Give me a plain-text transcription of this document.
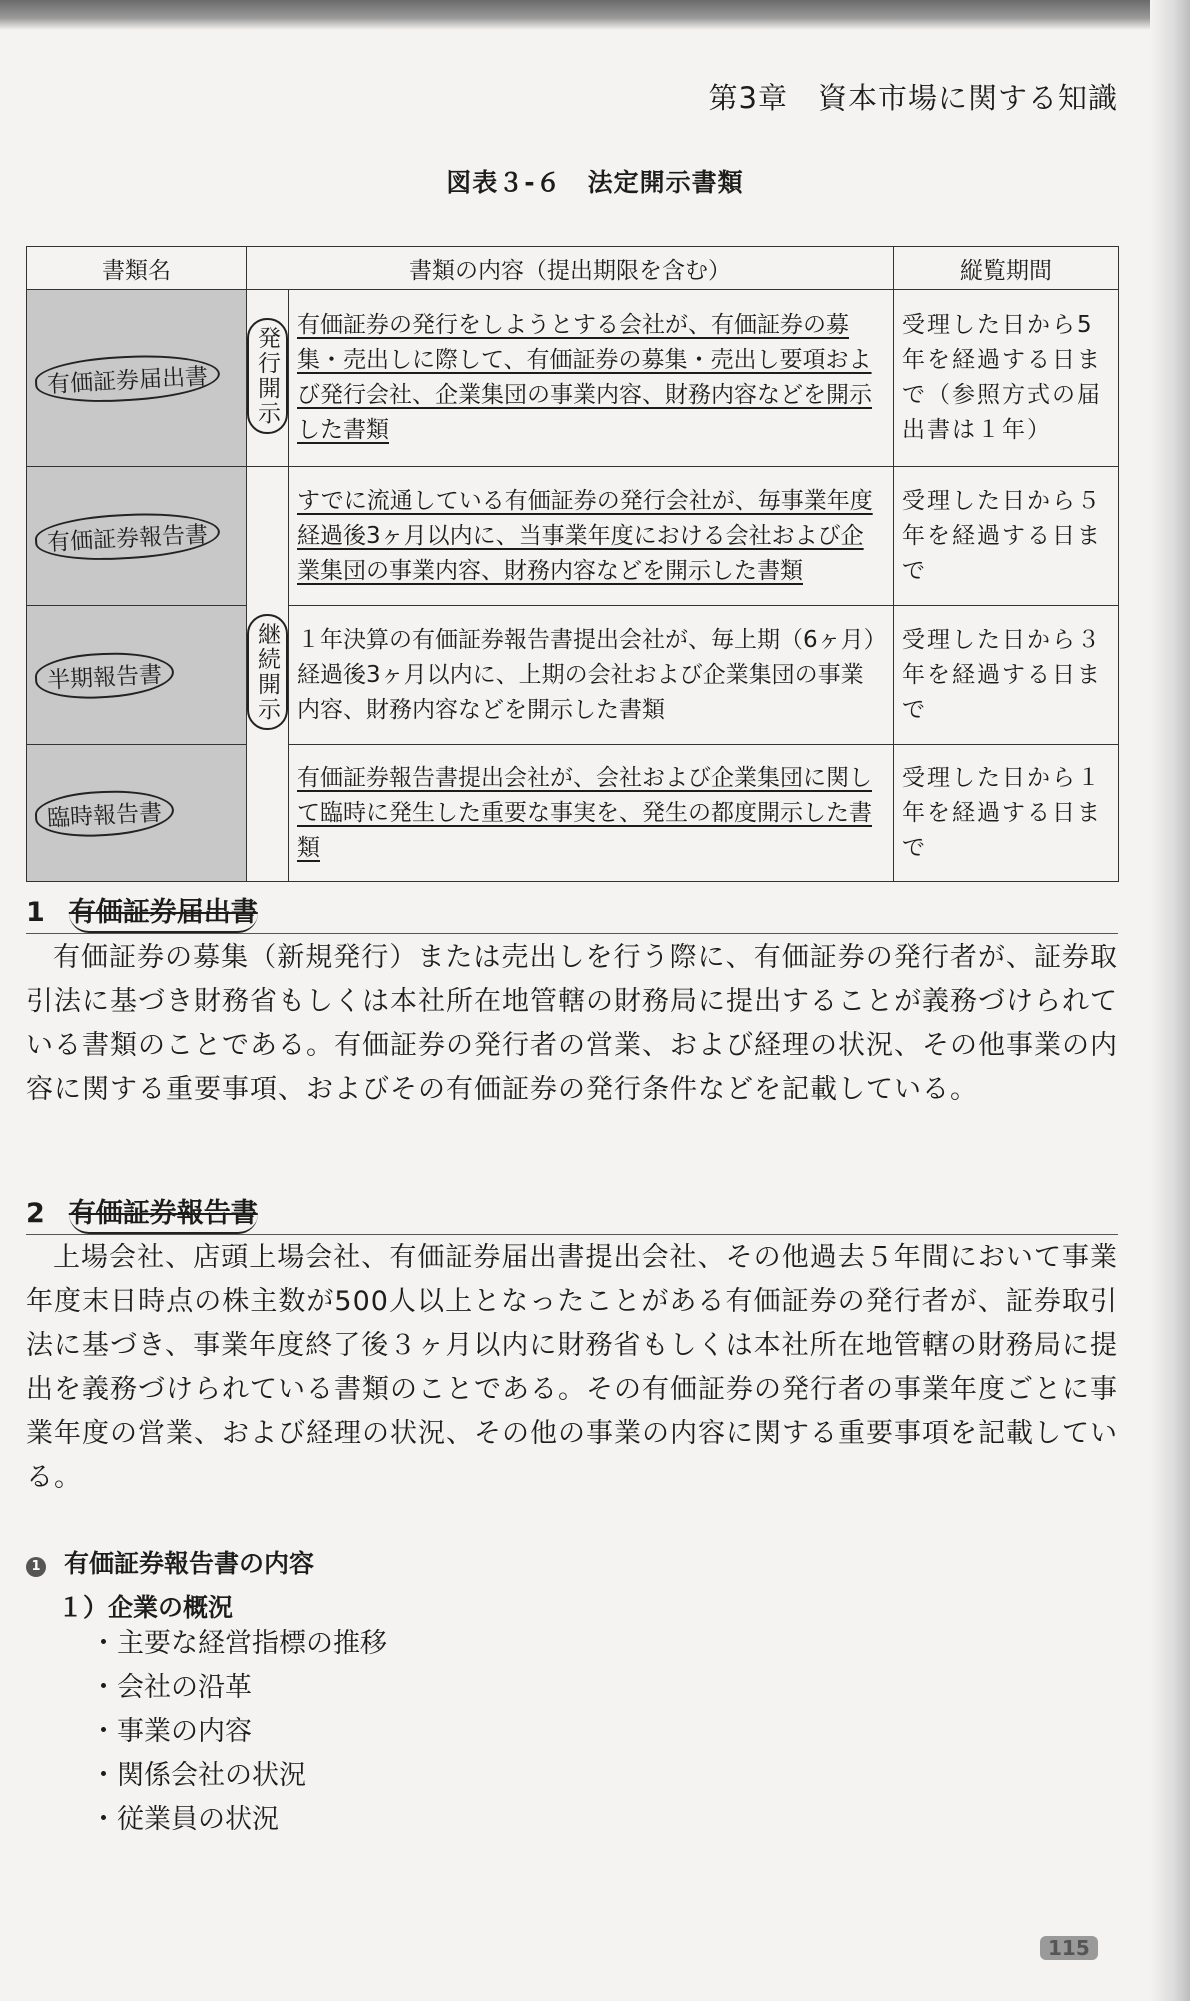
第3章　資本市場に関する知識
図表３-６　法定開示書類
書類名	書類の内容（提出期限を含む）		縦覧期間
有価証券届出書	発行開示	有価証券の発行をしようとする会社が、有価証券の募集・売出しに際して、有価証券の募集・売出し要項および発行会社、企業集団の事業内容、財務内容などを開示した書類	受理した日から5年を経過する日まで（参照方式の届出書は１年）
有価証券報告書	継続開示	すでに流通している有価証券の発行会社が、毎事業年度経過後3ヶ月以内に、当事業年度における会社および企業集団の事業内容、財務内容などを開示した書類	受理した日から５年を経過する日まで
半期報告書		１年決算の有価証券報告書提出会社が、毎上期（6ヶ月）経過後3ヶ月以内に、上期の会社および企業集団の事業内容、財務内容などを開示した書類	受理した日から３年を経過する日まで
臨時報告書		有価証券報告書提出会社が、会社および企業集団に関して臨時に発生した重要な事実を、発生の都度開示した書類	受理した日から１年を経過する日まで
1 有価証券届出書
有価証券の募集（新規発行）または売出しを行う際に、有価証券の発行者が、証券取引法に基づき財務省もしくは本社所在地管轄の財務局に提出することが義務づけられている書類のことである。有価証券の発行者の営業、および経理の状況、その他事業の内容に関する重要事項、およびその有価証券の発行条件などを記載している。
2 有価証券報告書
上場会社、店頭上場会社、有価証券届出書提出会社、その他過去５年間において事業年度末日時点の株主数が500人以上となったことがある有価証券の発行者が、証券取引法に基づき、事業年度終了後３ヶ月以内に財務省もしくは本社所在地管轄の財務局に提出を義務づけられている書類のことである。その有価証券の発行者の事業年度ごとに事業年度の営業、および経理の状況、その他の事業の内容に関する重要事項を記載している。
1 有価証券報告書の内容
１）企業の概況
・主要な経営指標の推移
・会社の沿革
・事業の内容
・関係会社の状況
・従業員の状況
115
